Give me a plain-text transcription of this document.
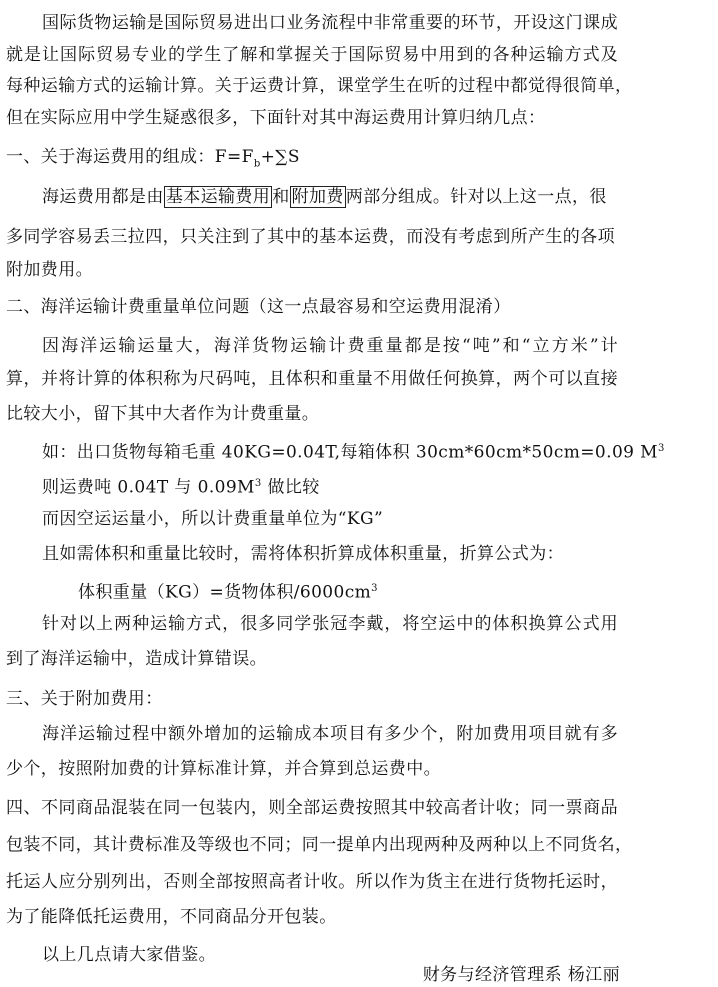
国际货物运输是国际贸易进出口业务流程中非常重要的环节，开设这门课成
就是让国际贸易专业的学生了解和掌握关于国际贸易中用到的各种运输方式及
每种运输方式的运输计算。关于运费计算，课堂学生在听的过程中都觉得很简单，
但在实际应用中学生疑惑很多，下面针对其中海运费用计算归纳几点：
一、关于海运费用的组成：$F=F_b+\sum S$
海运费用都是由 基本运输费用 和 附加费 两部分组成。针对以上这一点，很
多同学容易丢三拉四，只关注到了其中的基本运费，而没有考虑到所产生的各项
附加费用。
二、海洋运输计费重量单位问题（这一点最容易和空运费用混淆）
因海洋运输运量大，海洋货物运输计费重量都是按“吨”和“立方米”计
算，并将计算的体积称为尺码吨，且体积和重量不用做任何换算，两个可以直接
比较大小，留下其中大者作为计费重量。
如：出口货物每箱毛重 40KG=0.04T,每箱体积 30cm*60cm*50cm=0.09 $M^3$
则运费吨 0.04T 与 $0.09M^3$ 做比较
而因空运运量小，所以计费重量单位为“KG”
且如需体积和重量比较时，需将体积折算成体积重量，折算公式为：
体积重量（KG）=货物体积$/6000cm^3$
针对以上两种运输方式，很多同学张冠李戴，将空运中的体积换算公式用
到了海洋运输中，造成计算错误。
三、关于附加费用：
海洋运输过程中额外增加的运输成本项目有多少个，附加费用项目就有多
少个，按照附加费的计算标准计算，并合算到总运费中。
四、不同商品混装在同一包装内，则全部运费按照其中较高者计收；同一票商品
包装不同，其计费标准及等级也不同；同一提单内出现两种及两种以上不同货名，
托运人应分别列出，否则全部按照高者计收。所以作为货主在进行货物托运时，
为了能降低托运费用，不同商品分开包装。
以上几点请大家借鉴。
财务与经济管理系 杨江丽
